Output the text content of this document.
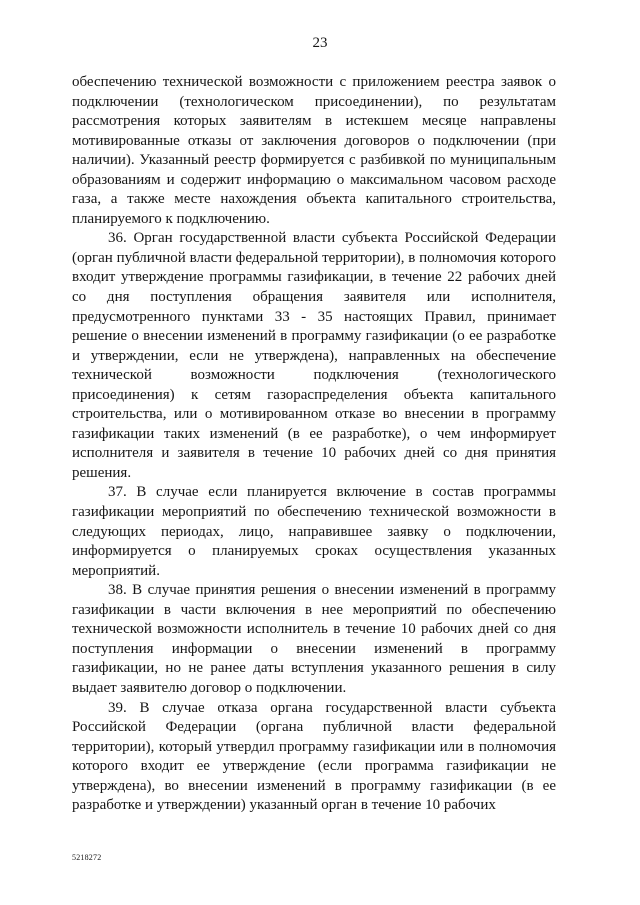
23

обеспечению технической возможности с приложением реестра заявок о подключении (технологическом присоединении), по результатам рассмотрения которых заявителям в истекшем месяце направлены мотивированные отказы от заключения договоров о подключении (при наличии). Указанный реестр формируется с разбивкой по муниципальным образованиям и содержит информацию о максимальном часовом расходе газа, а также месте нахождения объекта капитального строительства, планируемого к подключению.

36. Орган государственной власти субъекта Российской Федерации (орган публичной власти федеральной территории), в полномочия которого входит утверждение программы газификации, в течение 22 рабочих дней со дня поступления обращения заявителя или исполнителя, предусмотренного пунктами 33 - 35 настоящих Правил, принимает решение о внесении изменений в программу газификации (о ее разработке и утверждении, если не утверждена), направленных на обеспечение технической возможности подключения (технологического присоединения) к сетям газораспределения объекта капитального строительства, или о мотивированном отказе во внесении в программу газификации таких изменений (в ее разработке), о чем информирует исполнителя и заявителя в течение 10 рабочих дней со дня принятия решения.

37. В случае если планируется включение в состав программы газификации мероприятий по обеспечению технической возможности в следующих периодах, лицо, направившее заявку о подключении, информируется о планируемых сроках осуществления указанных мероприятий.

38. В случае принятия решения о внесении изменений в программу газификации в части включения в нее мероприятий по обеспечению технической возможности исполнитель в течение 10 рабочих дней со дня поступления информации о внесении изменений в программу газификации, но не ранее даты вступления указанного решения в силу выдает заявителю договор о подключении.

39. В случае отказа органа государственной власти субъекта Российской Федерации (органа публичной власти федеральной территории), который утвердил программу газификации или в полномочия которого входит ее утверждение (если программа газификации не утверждена), во внесении изменений в программу газификации (в ее разработке и утверждении) указанный орган в течение 10 рабочих

5218272
